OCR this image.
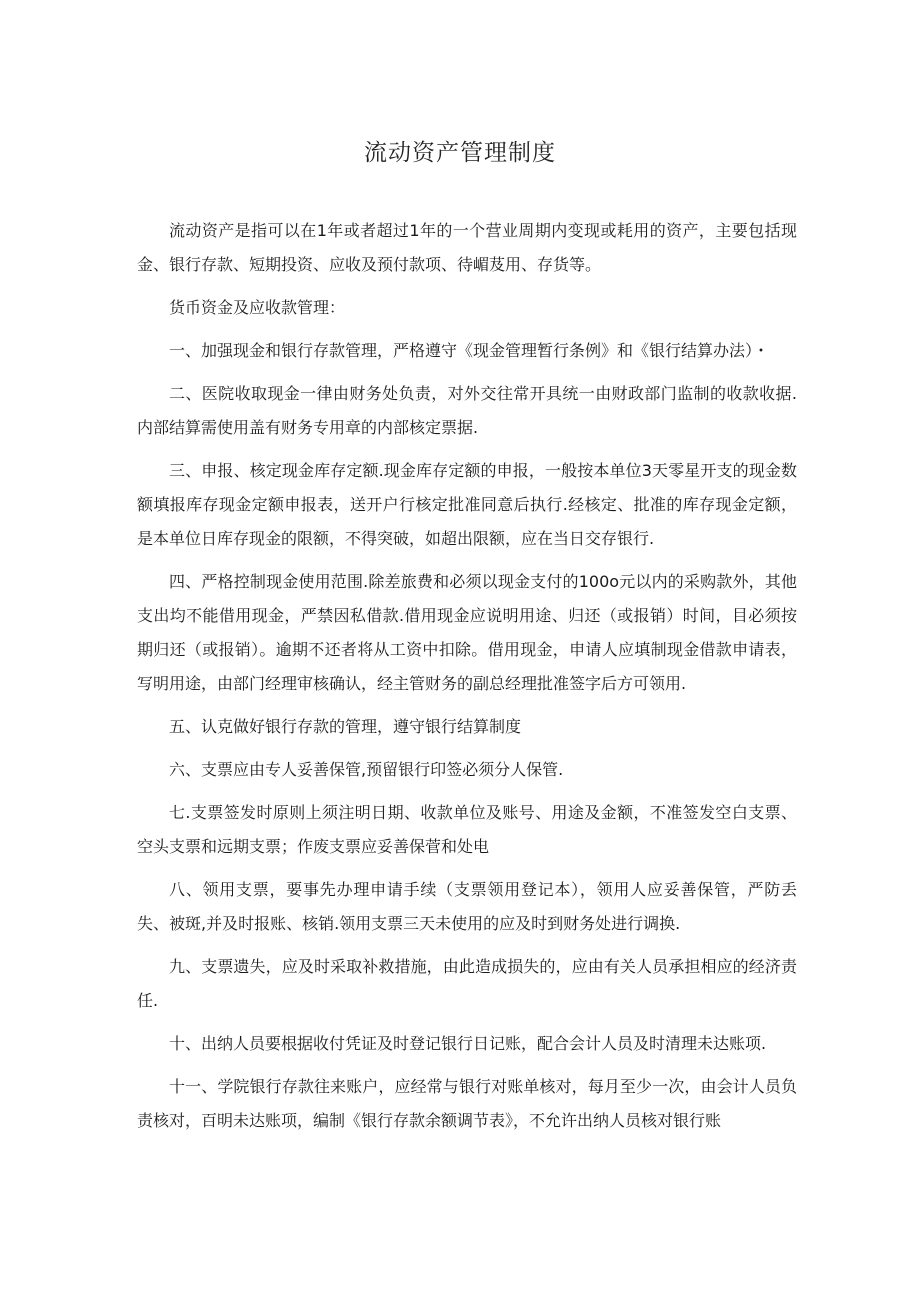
流动资产管理制度

流动资产是指可以在1年或者超过1年的一个营业周期内变现或耗用的资产，主要包括现金、银行存款、短期投资、应收及预付款项、待嵋芨用、存货等。

货币资金及应收款管理：

一、加强现金和银行存款管理，严格遵守《现金管理暂行条例》和《银行结算办法）・

二、医院收取现金一律由财务处负责，对外交往常开具统一由财政部门监制的收款收据.内部结算需使用盖有财务专用章的内部核定票据.

三、申报、核定现金库存定额.现金库存定额的申报，一般按本单位3天零星开支的现金数额填报库存现金定额申报表，送开户行核定批准同意后执行.经核定、批准的库存现金定额，是本单位日库存现金的限额，不得突破，如超出限额，应在当日交存银行.

四、严格控制现金使用范围.除差旅费和必须以现金支付的100o元以内的采购款外，其他支出均不能借用现金，严禁因私借款.借用现金应说明用途、归还（或报销）时间，目必须按期归还（或报销）。逾期不还者将从工资中扣除。借用现金，申请人应填制现金借款申请表，写明用途，由部门经理审核确认，经主管财务的副总经理批准签字后方可领用.

五、认克做好银行存款的管理，遵守银行结算制度

六、支票应由专人妥善保管,预留银行印签必须分人保管.

七.支票签发时原则上须注明日期、收款单位及账号、用途及金额，不准签发空白支票、空头支票和远期支票；作废支票应妥善保菅和处电

八、领用支票，要事先办理申请手续（支票领用登记本），领用人应妥善保管，严防丢失、被斑,并及时报账、核销.领用支票三天未使用的应及时到财务处进行调换.

九、支票遗失，应及时采取补救措施，由此造成损失的，应由有关人员承担相应的经济责任.

十、出纳人员要根据收付凭证及时登记银行日记账，配合会计人员及时清理未达账项.

十一、学院银行存款往来账户，应经常与银行对账单核对，每月至少一次，由会计人员负责核对，百明未达账项，编制《银行存款余额调节表》，不允许出纳人员核对银行账
